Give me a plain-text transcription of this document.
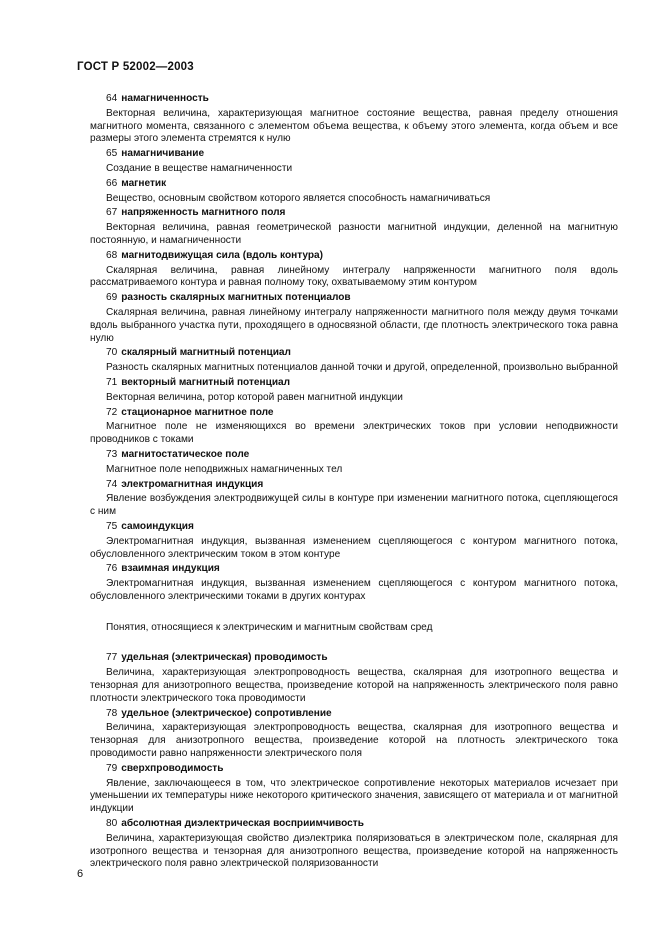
ГОСТ Р 52002—2003
64 намагниченность
Векторная величина, характеризующая магнитное состояние вещества, равная пределу отношения магнитного момента, связанного с элементом объема вещества, к объему этого элемента, когда объем и все размеры этого элемента стремятся к нулю
65 намагничивание
Создание в веществе намагниченности
66 магнетик
Вещество, основным свойством которого является способность намагничиваться
67 напряженность магнитного поля
Векторная величина, равная геометрической разности магнитной индукции, деленной на магнитную постоянную, и намагниченности
68 магнитодвижущая сила (вдоль контура)
Скалярная величина, равная линейному интегралу напряженности магнитного поля вдоль рассматриваемого контура и равная полному току, охватываемому этим контуром
69 разность скалярных магнитных потенциалов
Скалярная величина, равная линейному интегралу напряженности магнитного поля между двумя точками вдоль выбранного участка пути, проходящего в односвязной области, где плотность электрического тока равна нулю
70 скалярный магнитный потенциал
Разность скалярных магнитных потенциалов данной точки и другой, определенной, произвольно выбранной
71 векторный магнитный потенциал
Векторная величина, ротор которой равен магнитной индукции
72 стационарное магнитное поле
Магнитное поле не изменяющихся во времени электрических токов при условии неподвижности проводников с токами
73 магнитостатическое поле
Магнитное поле неподвижных намагниченных тел
74 электромагнитная индукция
Явление возбуждения электродвижущей силы в контуре при изменении магнитного потока, сцепляющегося с ним
75 самоиндукция
Электромагнитная индукция, вызванная изменением сцепляющегося с контуром магнитного потока, обусловленного электрическим током в этом контуре
76 взаимная индукция
Электромагнитная индукция, вызванная изменением сцепляющегося с контуром магнитного потока, обусловленного электрическими токами в других контурах
Понятия, относящиеся к электрическим и магнитным свойствам сред
77 удельная (электрическая) проводимость
Величина, характеризующая электропроводность вещества, скалярная для изотропного вещества и тензорная для анизотропного вещества, произведение которой на напряженность электрического поля равно плотности электрического тока проводимости
78 удельное (электрическое) сопротивление
Величина, характеризующая электропроводность вещества, скалярная для изотропного вещества и тензорная для анизотропного вещества, произведение которой на плотность электрического тока проводимости равно напряженности электрического поля
79 сверхпроводимость
Явление, заключающееся в том, что электрическое сопротивление некоторых материалов исчезает при уменьшении их температуры ниже некоторого критического значения, зависящего от материала и от магнитной индукции
80 абсолютная диэлектрическая восприимчивость
Величина, характеризующая свойство диэлектрика поляризоваться в электрическом поле, скалярная для изотропного вещества и тензорная для анизотропного вещества, произведение которой на напряженность электрического поля равно электрической поляризованности
6
